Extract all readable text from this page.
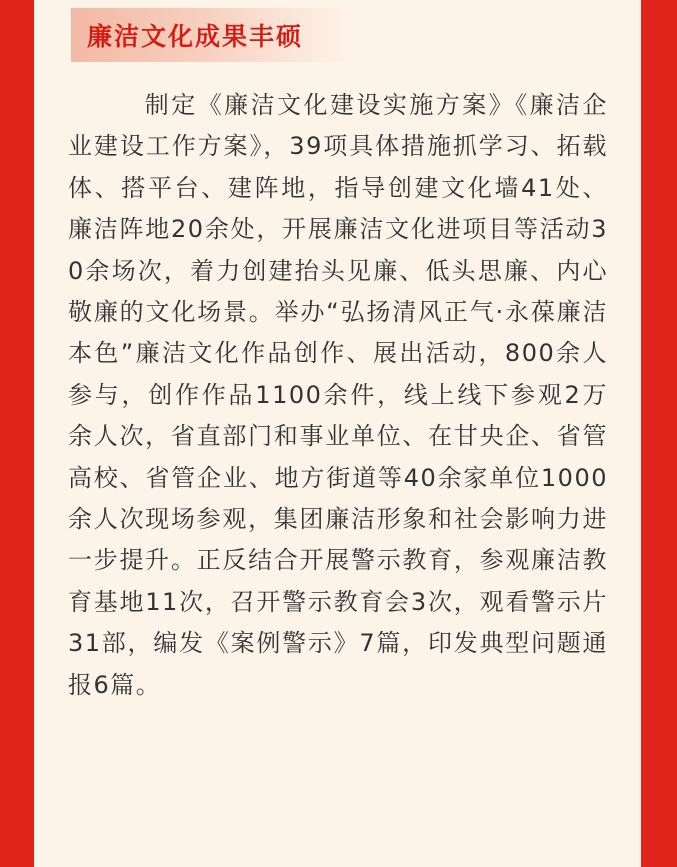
廉洁文化成果丰硕

制定《廉洁文化建设实施方案》《廉洁企业建设工作方案》，39项具体措施抓学习、拓载体、搭平台、建阵地，指导创建文化墙41处、廉洁阵地20余处，开展廉洁文化进项目等活动30余场次，着力创建抬头见廉、低头思廉、内心敬廉的文化场景。举办“弘扬清风正气·永葆廉洁本色”廉洁文化作品创作、展出活动，800余人参与，创作作品1100余件，线上线下参观2万余人次，省直部门和事业单位、在甘央企、省管高校、省管企业、地方街道等40余家单位1000余人次现场参观，集团廉洁形象和社会影响力进一步提升。正反结合开展警示教育，参观廉洁教育基地11次，召开警示教育会3次，观看警示片31部，编发《案例警示》7篇，印发典型问题通报6篇。
